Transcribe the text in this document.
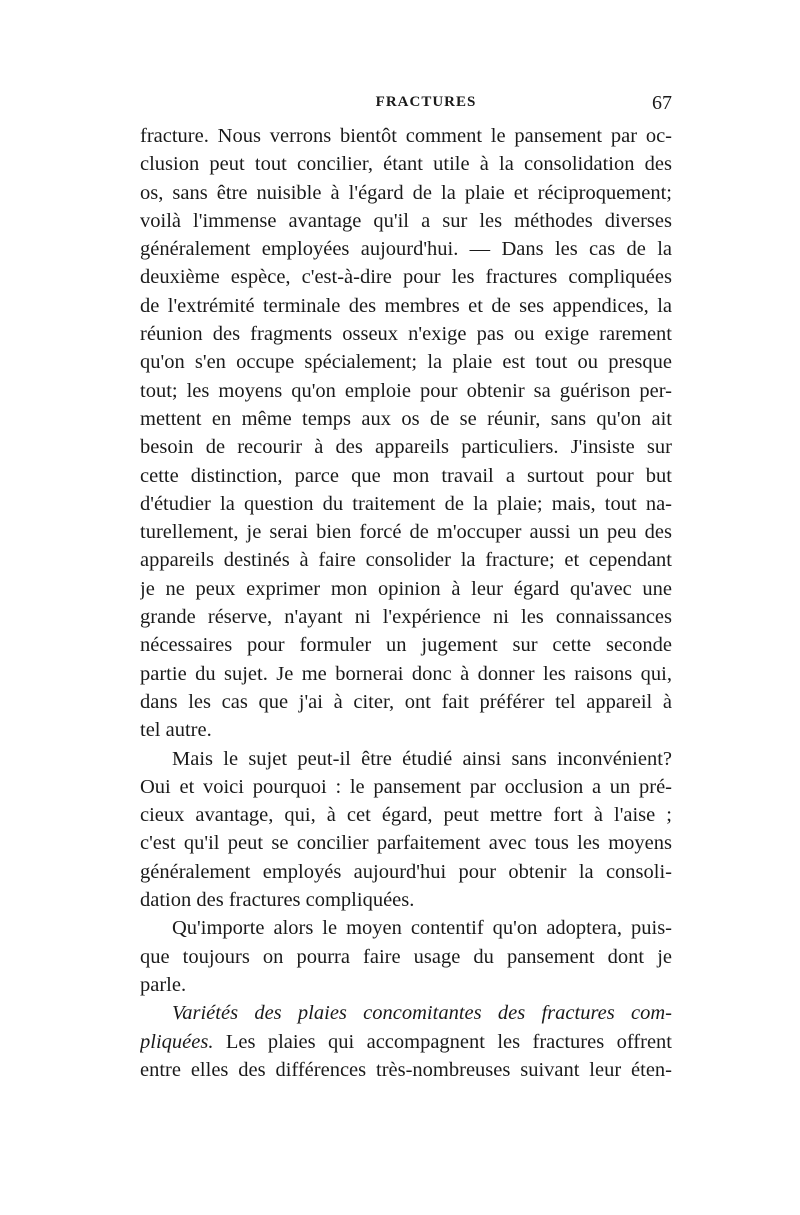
FRACTURES	67
fracture. Nous verrons bientôt comment le pansement par oc-
clusion peut tout concilier, étant utile à la consolidation des
os, sans être nuisible à l'égard de la plaie et réciproquement;
voilà l'immense avantage qu'il a sur les méthodes diverses
généralement employées aujourd'hui. — Dans les cas de la
deuxième espèce, c'est-à-dire pour les fractures compliquées
de l'extrémité terminale des membres et de ses appendices, la
réunion des fragments osseux n'exige pas ou exige rarement
qu'on s'en occupe spécialement; la plaie est tout ou presque
tout; les moyens qu'on emploie pour obtenir sa guérison per-
mettent en même temps aux os de se réunir, sans qu'on ait
besoin de recourir à des appareils particuliers. J'insiste sur
cette distinction, parce que mon travail a surtout pour but
d'étudier la question du traitement de la plaie; mais, tout na-
turellement, je serai bien forcé de m'occuper aussi un peu des
appareils destinés à faire consolider la fracture; et cependant
je ne peux exprimer mon opinion à leur égard qu'avec une
grande réserve, n'ayant ni l'expérience ni les connaissances
nécessaires pour formuler un jugement sur cette seconde
partie du sujet. Je me bornerai donc à donner les raisons qui,
dans les cas que j'ai à citer, ont fait préférer tel appareil à
tel autre.
Mais le sujet peut-il être étudié ainsi sans inconvénient?
Oui et voici pourquoi : le pansement par occlusion a un pré-
cieux avantage, qui, à cet égard, peut mettre fort à l'aise ;
c'est qu'il peut se concilier parfaitement avec tous les moyens
généralement employés aujourd'hui pour obtenir la consoli-
dation des fractures compliquées.
Qu'importe alors le moyen contentif qu'on adoptera, puis-
que toujours on pourra faire usage du pansement dont je
parle.
Variétés des plaies concomitantes des fractures com-
pliquées. Les plaies qui accompagnent les fractures offrent
entre elles des différences très-nombreuses suivant leur éten-
